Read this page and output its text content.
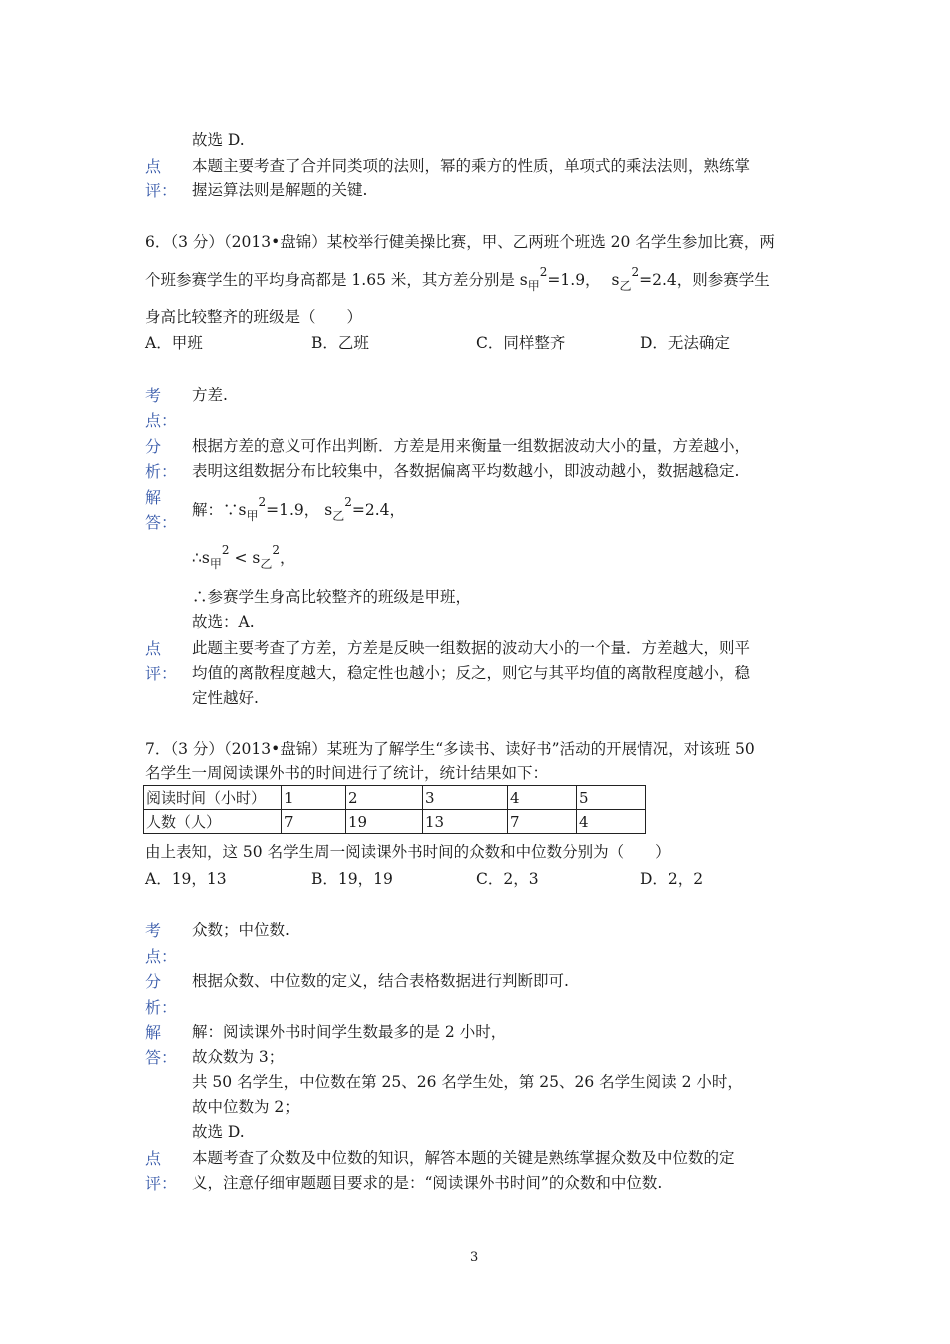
故选 D.
点 本题主要考查了合并同类项的法则，幂的乘方的性质，单项式的乘法法则，熟练掌
评： 握运算法则是解题的关键.
6．（3 分）（2013•盘锦）某校举行健美操比赛，甲、乙两班个班选 20 名学生参加比赛，两
个班参赛学生的平均身高都是 1.65 米，其方差分别是 $s_甲^2=1.9$， $s_乙^2=2.4$，则参赛学生
身高比较整齐的班级是（　　）
A．甲班	B．乙班	C．同样整齐	D．无法确定
考 方差.
点：
分 根据方差的意义可作出判断．方差是用来衡量一组数据波动大小的量，方差越小，
析： 表明这组数据分布比较集中，各数据偏离平均数越小，即波动越小，数据越稳定.
解
答：
解：$\because s_甲^2=1.9$， $s_乙^2=2.4$，
$\therefore s_甲^2 < s_乙^2$，
∴参赛学生身高比较整齐的班级是甲班，
故选：A.
点 此题主要考查了方差，方差是反映一组数据的波动大小的一个量．方差越大，则平
评： 均值的离散程度越大，稳定性也越小；反之，则它与其平均值的离散程度越小，稳
定性越好.
7．（3 分）（2013•盘锦）某班为了解学生“多读书、读好书”活动的开展情况，对该班 50
名学生一周阅读课外书的时间进行了统计，统计结果如下：
阅读时间（小时）	1	2	3	4	5
人数（人）	7	19	13	7	4
由上表知，这 50 名学生周一阅读课外书时间的众数和中位数分别为（　　）
A．19，13	B．19，19	C．2，3	D．2，2
考 众数；中位数.
点：
分 根据众数、中位数的定义，结合表格数据进行判断即可.
析：
解 解：阅读课外书时间学生数最多的是 2 小时，
答： 故众数为 3；
共 50 名学生，中位数在第 25、26 名学生处，第 25、26 名学生阅读 2 小时，
故中位数为 2；
故选 D.
点 本题考查了众数及中位数的知识，解答本题的关键是熟练掌握众数及中位数的定
评： 义，注意仔细审题题目要求的是：“阅读课外书时间”的众数和中位数.
3
